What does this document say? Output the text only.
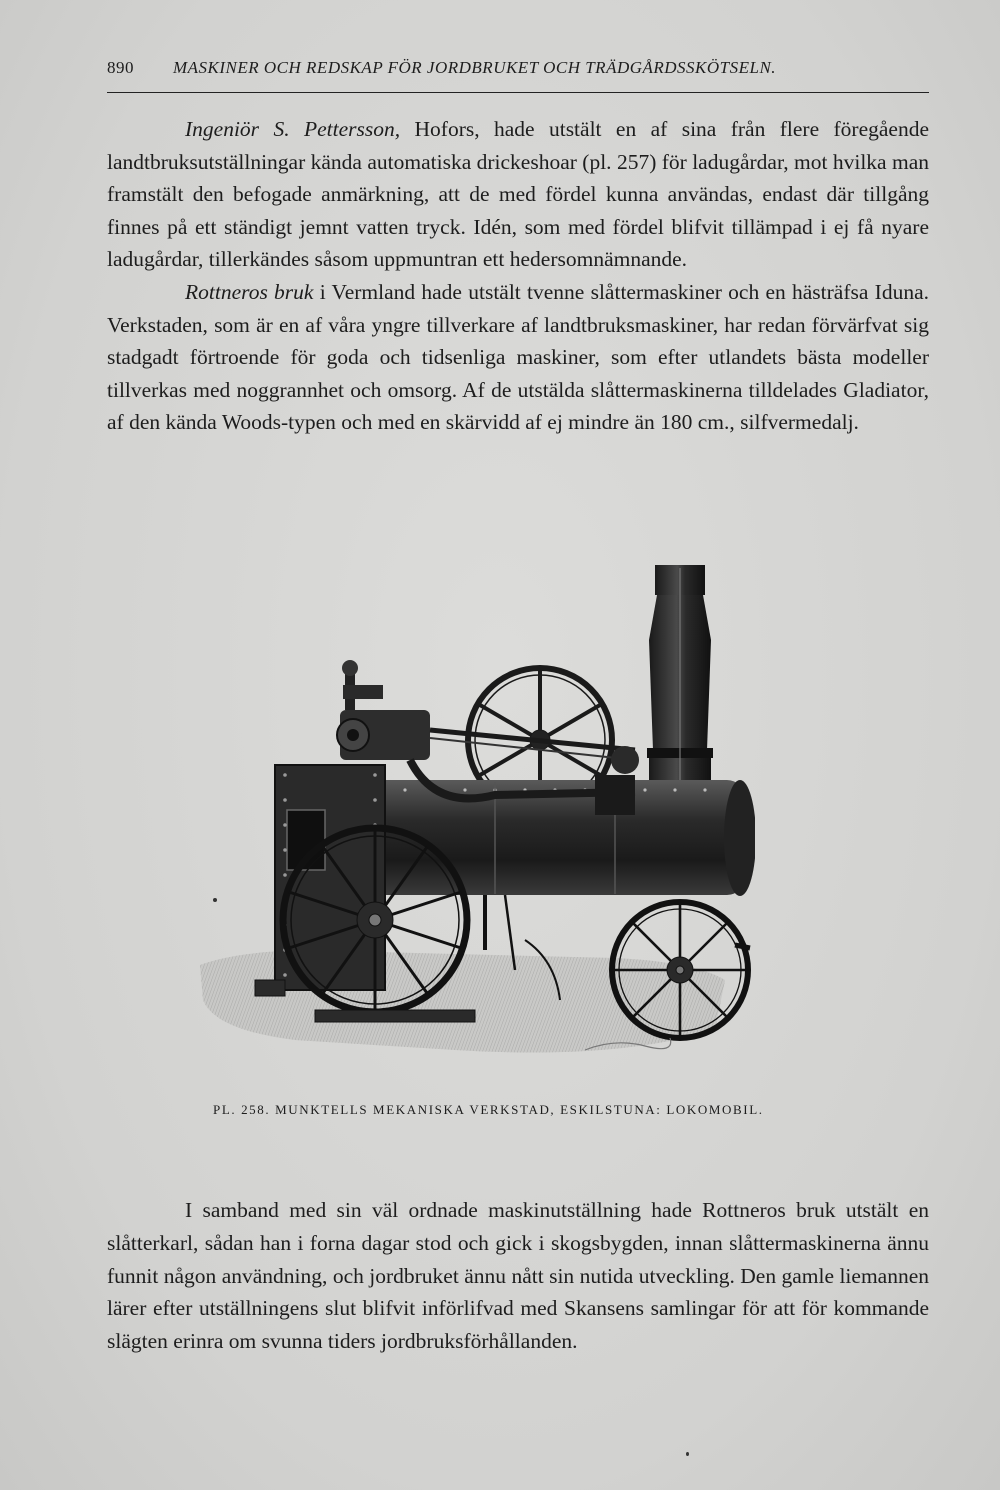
890 MASKINER OCH REDSKAP FÖR JORDBRUKET OCH TRÄDGÅRDSSKÖTSELN.

Ingeniör S. Pettersson, Hofors, hade utstält en af sina från flere föregående landtbruksutställningar kända automatiska drickeshoar (pl. 257) för ladugårdar, mot hvilka man framstält den befogade anmärkning, att de med fördel kunna användas, endast där tillgång finnes på ett ständigt jemnt vatten tryck. Idén, som med fördel blifvit tillämpad i ej få nyare ladugårdar, tillerkändes såsom uppmuntran ett hedersomnämnande.

Rottneros bruk i Vermland hade utstält tvenne slåttermaskiner och en hästräfsa Iduna. Verkstaden, som är en af våra yngre tillverkare af landtbruksmaskiner, har redan förvärfvat sig stadgadt förtroende för goda och tidsenliga maskiner, som efter utlandets bästa modeller tillverkas med noggrannhet och omsorg. Af de utstälda slåttermaskinerna tilldelades Gladiator, af den kända Woods-typen och med en skärvidd af ej mindre än 180 cm., silfvermedalj.

PL. 258. MUNKTELLS MEKANISKA VERKSTAD, ESKILSTUNA: LOKOMOBIL.

I samband med sin väl ordnade maskinutställning hade Rottneros bruk utstält en slåtterkarl, sådan han i forna dagar stod och gick i skogsbygden, innan slåttermaskinerna ännu funnit någon användning, och jordbruket ännu nått sin nutida utveckling. Den gamle liemannen lärer efter utställningens slut blifvit införlifvad med Skansens samlingar för att för kommande slägten erinra om svunna tiders jordbruksförhållanden.
